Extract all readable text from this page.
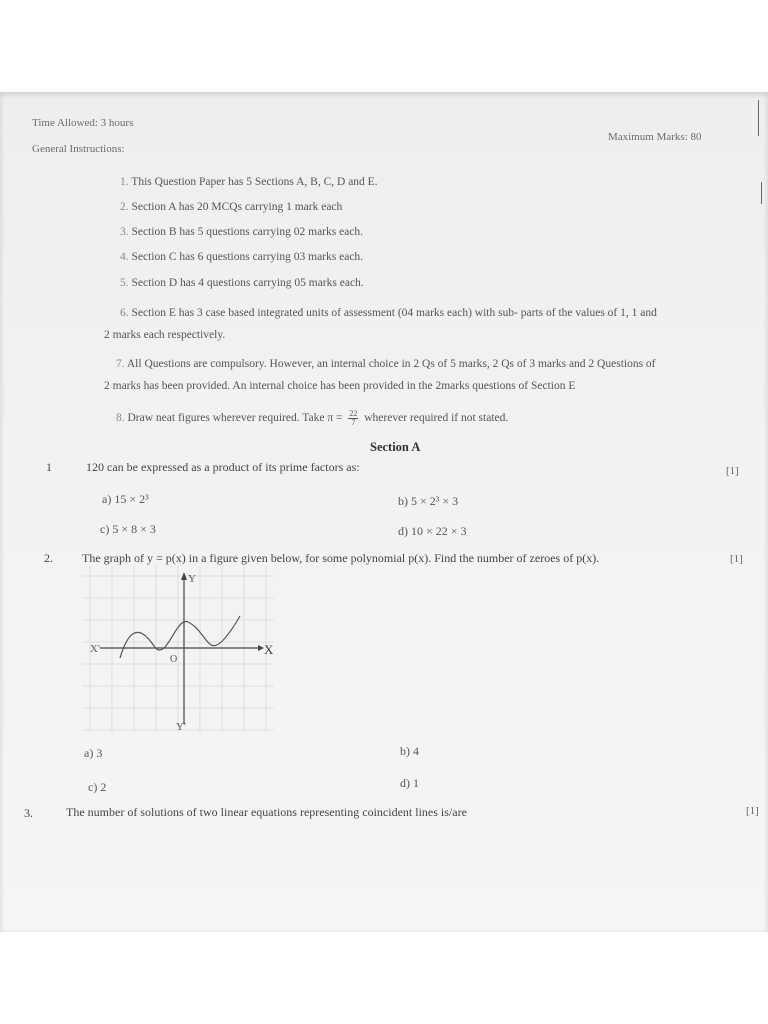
Time Allowed: 3 hours
Maximum Marks: 80
General Instructions:
1. This Question Paper has 5 Sections A, B, C, D and E.
2. Section A has 20 MCQs carrying 1 mark each
3. Section B has 5 questions carrying 02 marks each.
4. Section C has 6 questions carrying 03 marks each.
5. Section D has 4 questions carrying 05 marks each.
6. Section E has 3 case based integrated units of assessment (04 marks each) with sub- parts of the values of 1, 1 and
2 marks each respectively.
7. All Questions are compulsory. However, an internal choice in 2 Qs of 5 marks, 2 Qs of 3 marks and 2 Questions of
2 marks has been provided. An internal choice has been provided in the 2marks questions of Section E
8. Draw neat figures wherever required. Take $\pi = \frac{22}{7}$ wherever required if not stated.
Section A
1	120 can be expressed as a product of its prime factors as:	[1]
a) 15 × 2³	b) 5 × 2³ × 3
c) 5 × 8 × 3	d) 10 × 22 × 3
2. The graph of y = p(x) in a figure given below, for some polynomial p(x). Find the number of zeroes of p(x).	[1]
X
X'
Y
Y'
O
a) 3	b) 4
c) 2	d) 1
3.	The number of solutions of two linear equations representing coincident lines is/are	[1]
